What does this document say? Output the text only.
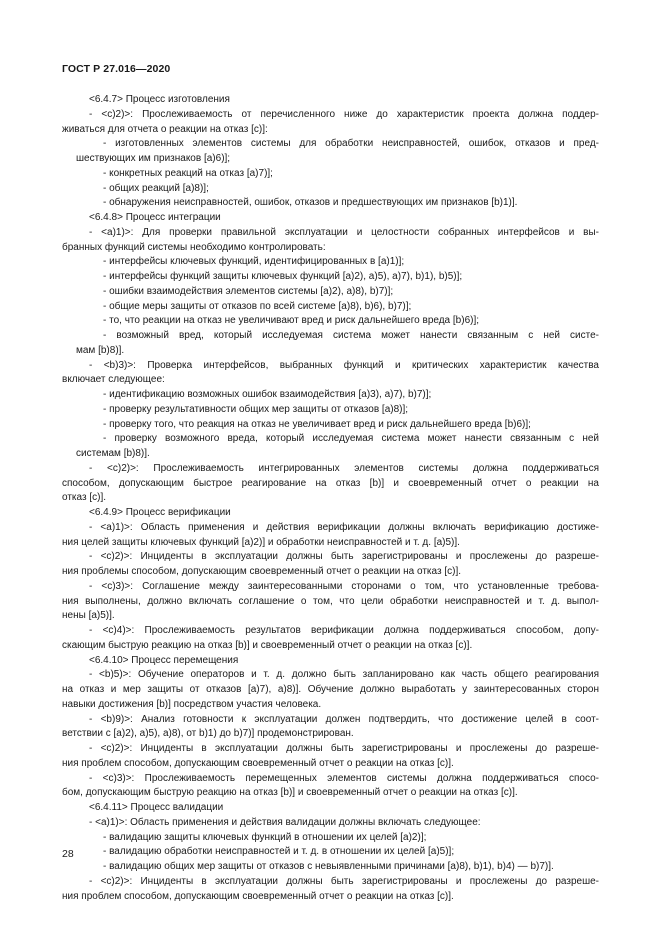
ГОСТ Р 27.016—2020
<6.4.7> Процесс изготовления
- <c)2)>: Прослеживаемость от перечисленного ниже до характеристик проекта должна поддер-
живаться для отчета о реакции на отказ [c)]:
- изготовленных элементов системы для обработки неисправностей, ошибок, отказов и пред-
шествующих им признаков [a)6)];
- конкретных реакций на отказ [a)7)];
- общих реакций [a)8)];
- обнаружения неисправностей, ошибок, отказов и предшествующих им признаков [b)1)].
<6.4.8> Процесс интеграции
- <a)1)>: Для проверки правильной эксплуатации и целостности собранных интерфейсов и вы-
бранных функций системы необходимо контролировать:
- интерфейсы ключевых функций, идентифицированных в [a)1)];
- интерфейсы функций защиты ключевых функций [a)2), a)5), a)7), b)1), b)5)];
- ошибки взаимодействия элементов системы [a)2), a)8), b)7)];
- общие меры защиты от отказов по всей системе [a)8), b)6), b)7)];
- то, что реакции на отказ не увеличивают вред и риск дальнейшего вреда [b)6)];
- возможный вред, который исследуемая система может нанести связанным с ней систе-
мам [b)8)].
- <b)3)>: Проверка интерфейсов, выбранных функций и критических характеристик качества
включает следующее:
- идентификацию возможных ошибок взаимодействия [a)3), a)7), b)7)];
- проверку результативности общих мер защиты от отказов [a)8)];
- проверку того, что реакция на отказ не увеличивает вред и риск дальнейшего вреда [b)6)];
- проверку возможного вреда, который исследуемая система может нанести связанным с ней
системам [b)8)].
- <c)2)>: Прослеживаемость интегрированных элементов системы должна поддерживаться
способом, допускающим быстрое реагирование на отказ [b)] и своевременный отчет о реакции на
отказ [c)].
<6.4.9> Процесс верификации
- <a)1)>: Область применения и действия верификации должны включать верификацию достиже-
ния целей защиты ключевых функций [a)2)] и обработки неисправностей и т. д. [a)5)].
- <c)2)>: Инциденты в эксплуатации должны быть зарегистрированы и прослежены до разреше-
ния проблемы способом, допускающим своевременный отчет о реакции на отказ [c)].
- <c)3)>: Соглашение между заинтересованными сторонами о том, что установленные требова-
ния выполнены, должно включать соглашение о том, что цели обработки неисправностей и т. д. выпол-
нены [a)5)].
- <c)4)>: Прослеживаемость результатов верификации должна поддерживаться способом, допу-
скающим быструю реакцию на отказ [b)] и своевременный отчет о реакции на отказ [c)].
<6.4.10> Процесс перемещения
- <b)5)>: Обучение операторов и т. д. должно быть запланировано как часть общего реагирования
на отказ и мер защиты от отказов [a)7), a)8)]. Обучение должно выработать у заинтересованных сторон
навыки достижения [b)] посредством участия человека.
- <b)9)>: Анализ готовности к эксплуатации должен подтвердить, что достижение целей в соот-
ветствии с [a)2), a)5), a)8), от b)1) до b)7)] продемонстрирован.
- <c)2)>: Инциденты в эксплуатации должны быть зарегистрированы и прослежены до разреше-
ния проблем способом, допускающим своевременный отчет о реакции на отказ [c)].
- <c)3)>: Прослеживаемость перемещенных элементов системы должна поддерживаться спосо-
бом, допускающим быструю реакцию на отказ [b)] и своевременный отчет о реакции на отказ [c)].
<6.4.11> Процесс валидации
- <a)1)>: Область применения и действия валидации должны включать следующее:
- валидацию защиты ключевых функций в отношении их целей [a)2)];
- валидацию обработки неисправностей и т. д. в отношении их целей [a)5)];
- валидацию общих мер защиты от отказов с невыявленными причинами [a)8), b)1), b)4) — b)7)].
- <c)2)>: Инциденты в эксплуатации должны быть зарегистрированы и прослежены до разреше-
ния проблем способом, допускающим своевременный отчет о реакции на отказ [c)].
28
